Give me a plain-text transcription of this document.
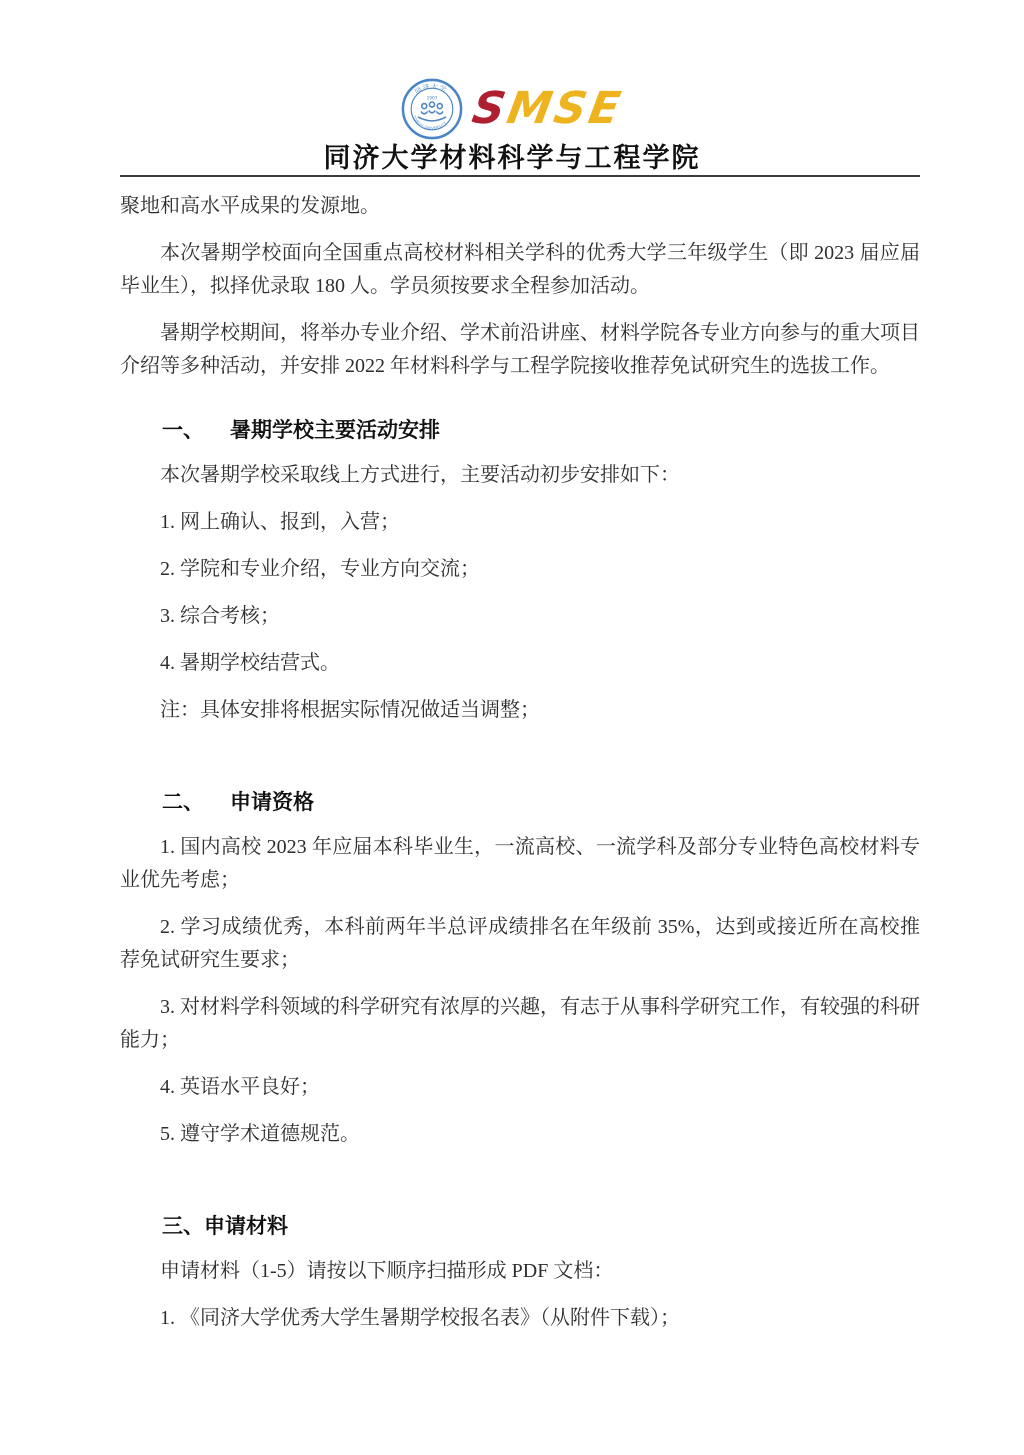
同济大学
TONGJI UNIVERSITY
1907 SMSE
同济大学材料科学与工程学院

聚地和高水平成果的发源地。

本次暑期学校面向全国重点高校材料相关学科的优秀大学三年级学生（即 2023 届应届毕业生），拟择优录取 180 人。学员须按要求全程参加活动。

暑期学校期间，将举办专业介绍、学术前沿讲座、材料学院各专业方向参与的重大项目介绍等多种活动，并安排 2022 年材料科学与工程学院接收推荐免试研究生的选拔工作。

一、 暑期学校主要活动安排

本次暑期学校采取线上方式进行，主要活动初步安排如下：

1. 网上确认、报到，入营；

2. 学院和专业介绍，专业方向交流；

3. 综合考核；

4. 暑期学校结营式。

注：具体安排将根据实际情况做适当调整；

二、 申请资格

1. 国内高校 2023 年应届本科毕业生，一流高校、一流学科及部分专业特色高校材料专业优先考虑；

2. 学习成绩优秀，本科前两年半总评成绩排名在年级前 35%，达到或接近所在高校推荐免试研究生要求；

3. 对材料学科领域的科学研究有浓厚的兴趣，有志于从事科学研究工作，有较强的科研能力；

4. 英语水平良好；

5. 遵守学术道德规范。

三、申请材料

申请材料（1-5）请按以下顺序扫描形成 PDF 文档：

1. 《同济大学优秀大学生暑期学校报名表》（从附件下载）；
